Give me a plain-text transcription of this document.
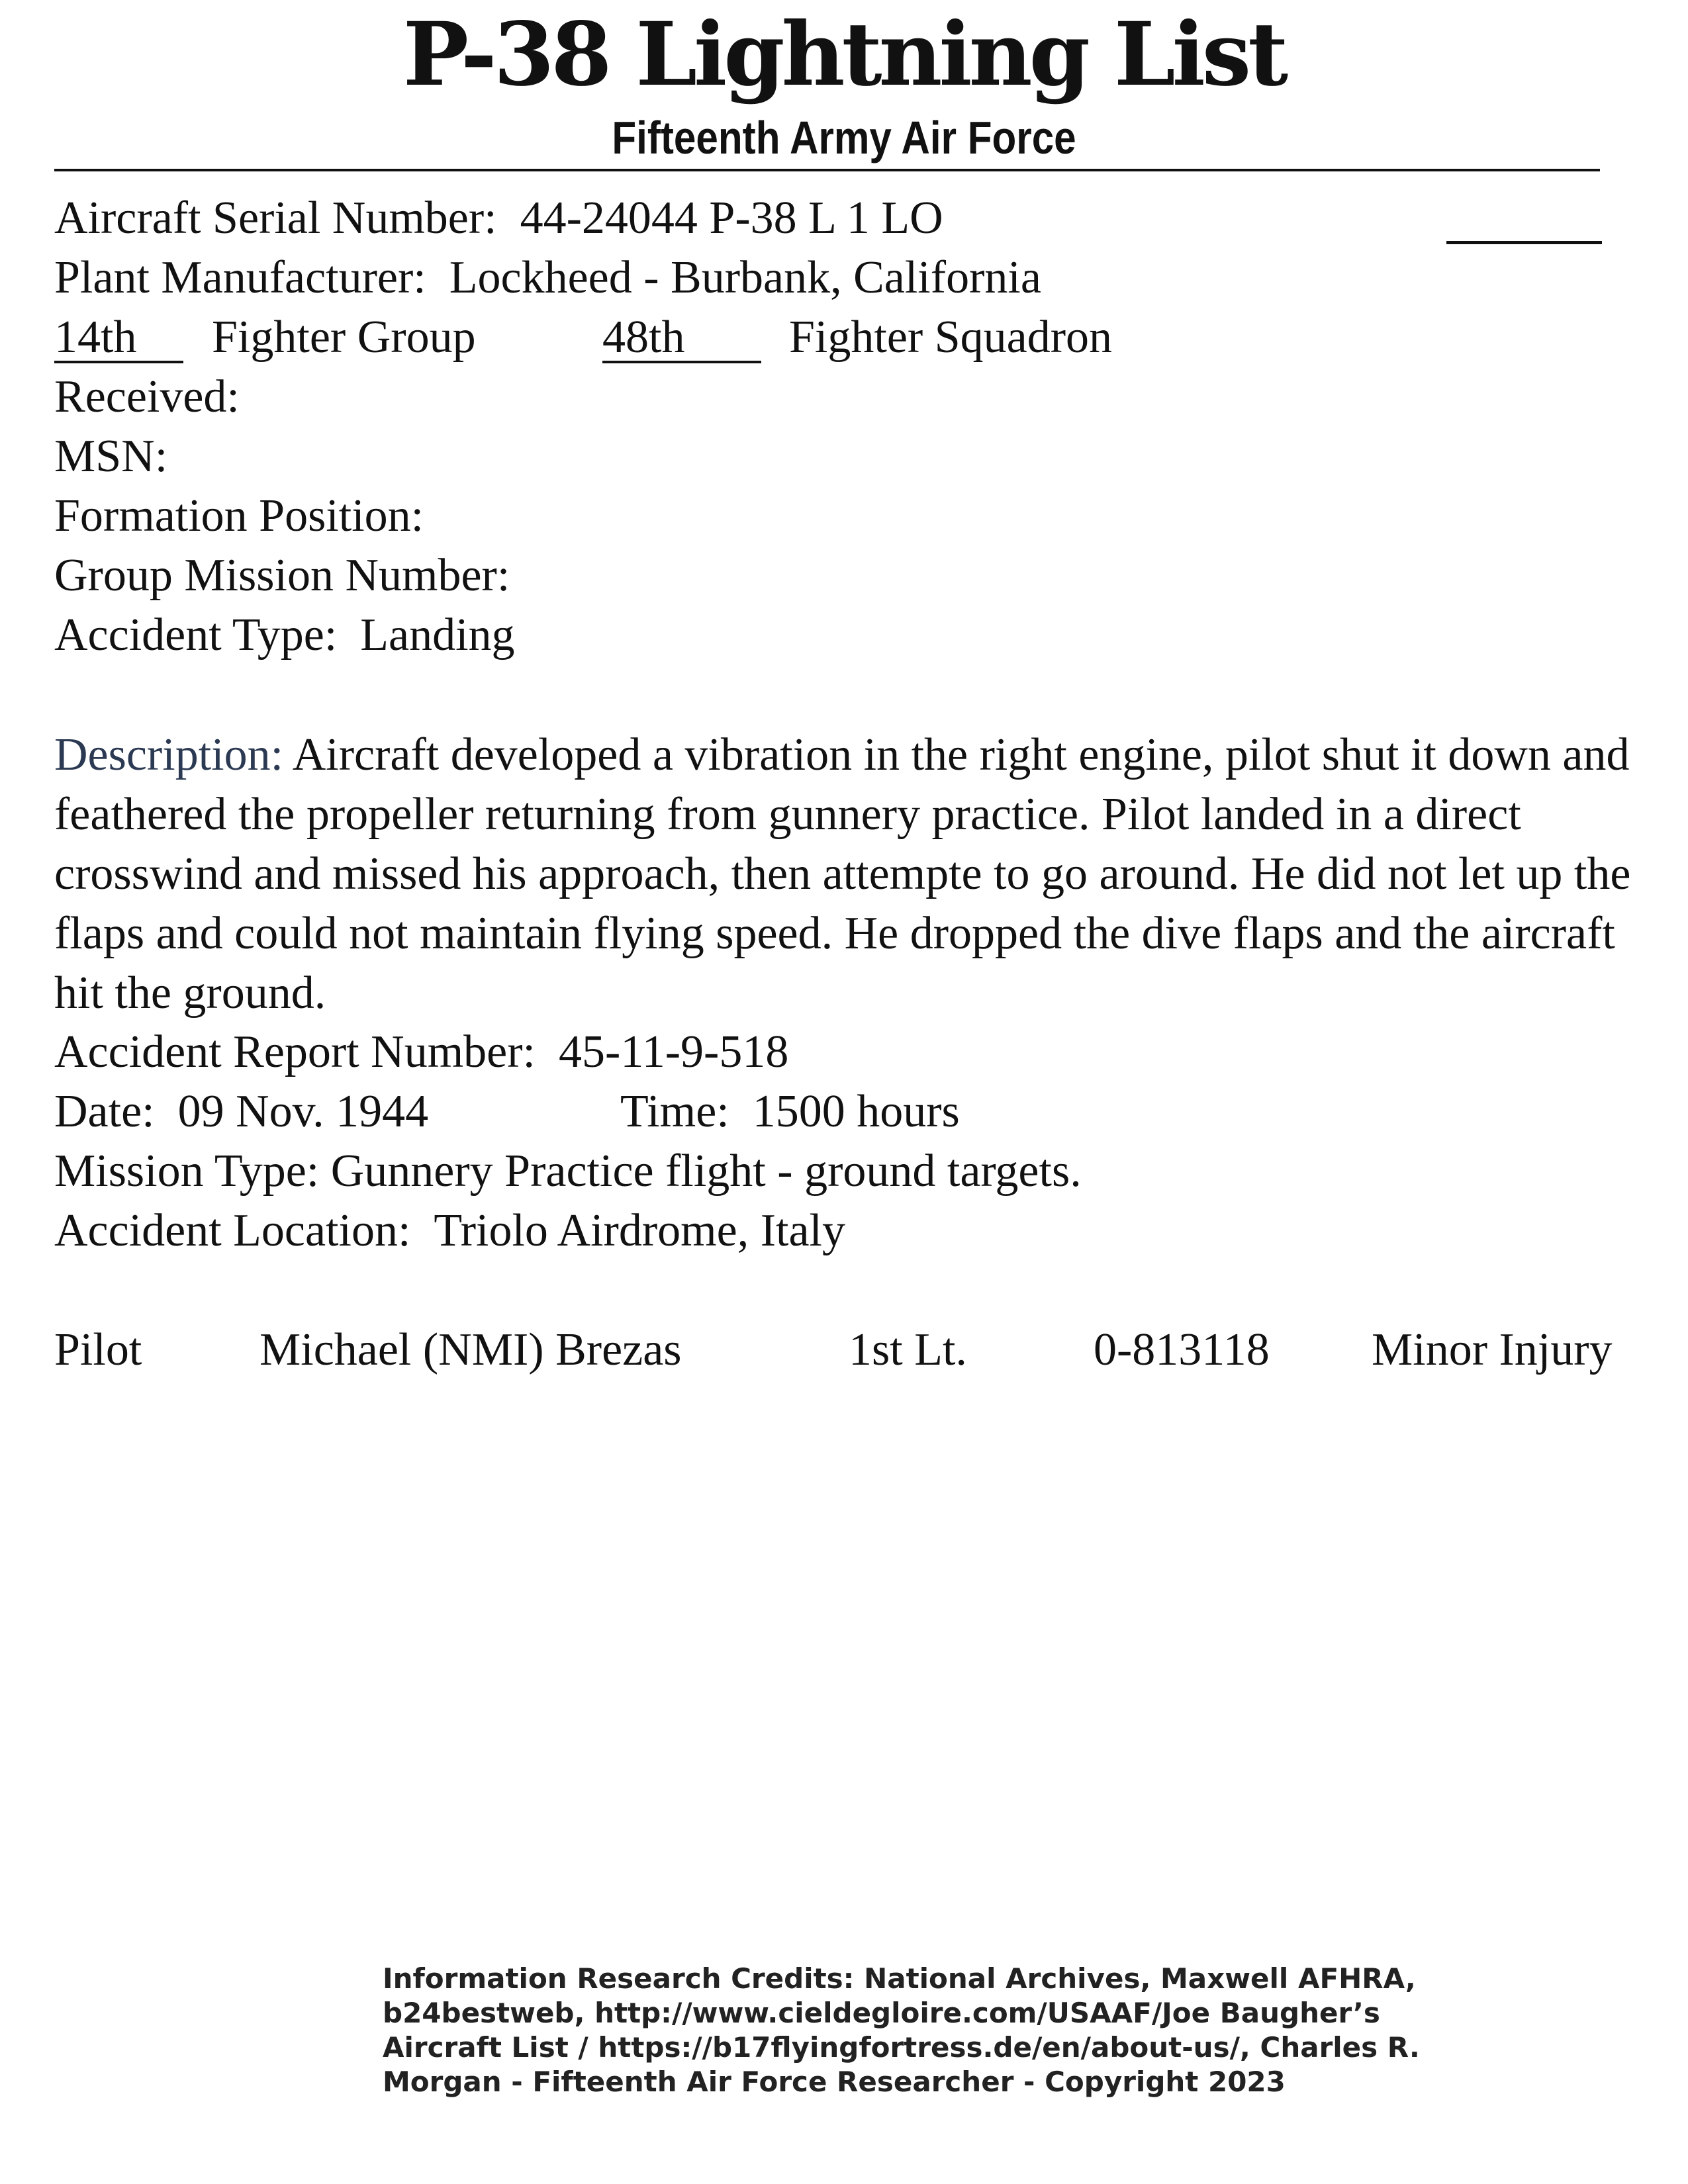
P-38 Lightning List
Fifteenth Army Air Force
Aircraft Serial Number: 44-24044 P-38 L 1 LO
Plant Manufacturer: Lockheed - Burbank, California
14th Fighter Group	48th	Fighter Squadron
Received:
MSN:
Formation Position:
Group Mission Number:
Accident Type: Landing
Description: Aircraft developed a vibration in the right engine, pilot shut it down and feathered the propeller returning from gunnery practice. Pilot landed in a direct crosswind and missed his approach, then attempte to go around. He did not let up the flaps and could not maintain flying speed. He dropped the dive flaps and the aircraft hit the ground.
Accident Report Number: 45-11-9-518
Date: 09 Nov. 1944	Time: 1500 hours
Mission Type: Gunnery Practice flight - ground targets.
Accident Location: Triolo Airdrome, Italy
Pilot	Michael (NMI) Brezas	1st Lt.	0-813118 Minor Injury
Information Research Credits: National Archives, Maxwell AFHRA,
b24bestweb, http://www.cieldegloire.com/USAAF/Joe Baugher’s
Aircraft List / https://b17flyingfortress.de/en/about-us/, Charles R.
Morgan - Fifteenth Air Force Researcher - Copyright 2023
